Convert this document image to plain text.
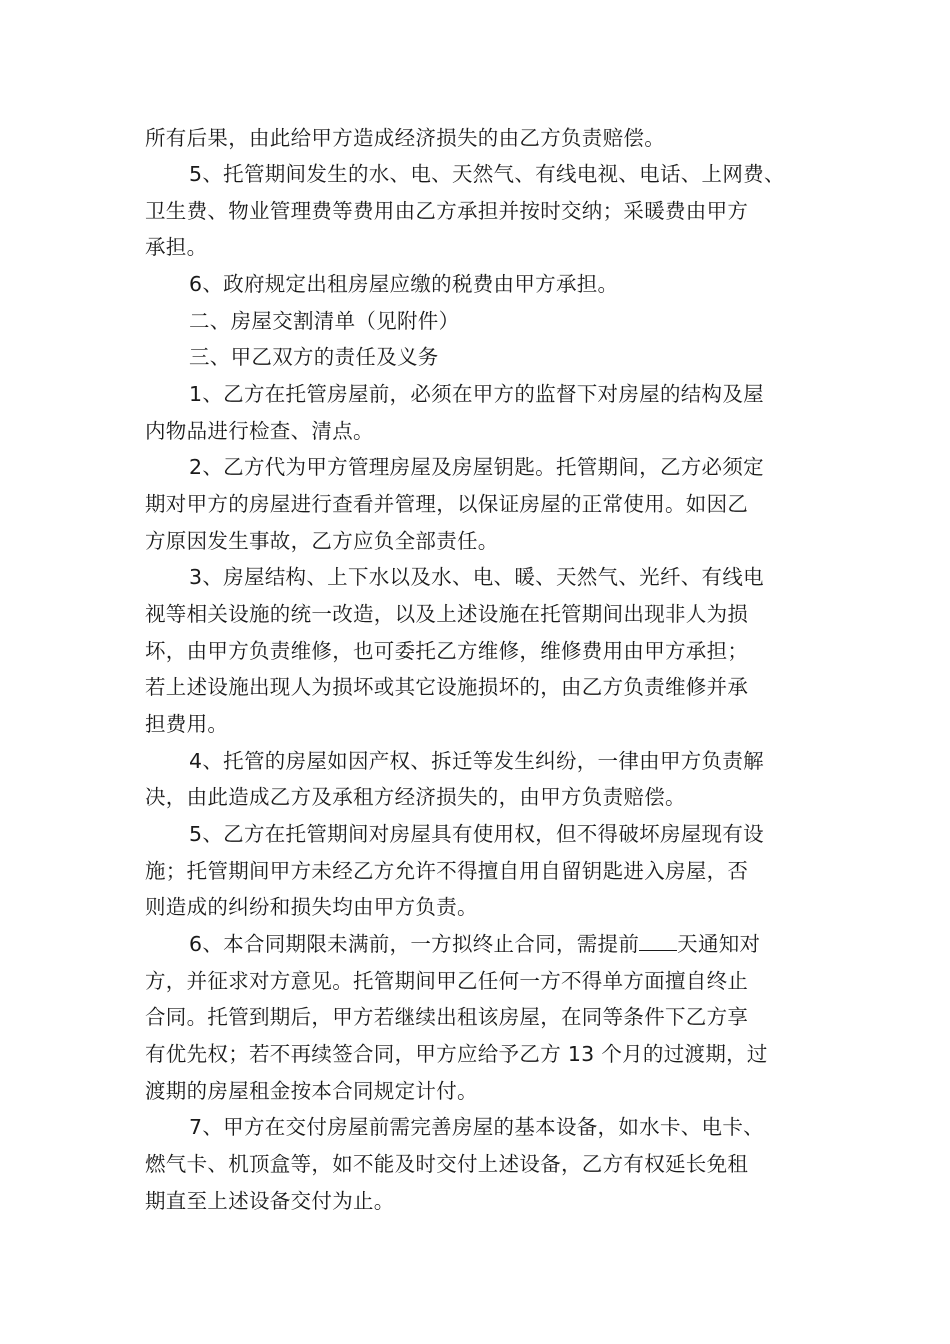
所有后果，由此给甲方造成经济损失的由乙方负责赔偿。
5、托管期间发生的水、电、天然气、有线电视、电话、上网费、
卫生费、物业管理费等费用由乙方承担并按时交纳；采暖费由甲方
承担。
6、政府规定出租房屋应缴的税费由甲方承担。
二、房屋交割清单（见附件）
三、甲乙双方的责任及义务
1、乙方在托管房屋前，必须在甲方的监督下对房屋的结构及屋
内物品进行检查、清点。
2、乙方代为甲方管理房屋及房屋钥匙。托管期间，乙方必须定
期对甲方的房屋进行查看并管理，以保证房屋的正常使用。如因乙
方原因发生事故，乙方应负全部责任。
3、房屋结构、上下水以及水、电、暖、天然气、光纤、有线电
视等相关设施的统一改造，以及上述设施在托管期间出现非人为损
坏，由甲方负责维修，也可委托乙方维修，维修费用由甲方承担；
若上述设施出现人为损坏或其它设施损坏的，由乙方负责维修并承
担费用。
4、托管的房屋如因产权、拆迁等发生纠纷，一律由甲方负责解
决，由此造成乙方及承租方经济损失的，由甲方负责赔偿。
5、乙方在托管期间对房屋具有使用权，但不得破坏房屋现有设
施；托管期间甲方未经乙方允许不得擅自用自留钥匙进入房屋，否
则造成的纠纷和损失均由甲方负责。
6、本合同期限未满前，一方拟终止合同，需提前 天通知对
方，并征求对方意见。托管期间甲乙任何一方不得单方面擅自终止
合同。托管到期后，甲方若继续出租该房屋，在同等条件下乙方享
有优先权；若不再续签合同，甲方应给予乙方 13 个月的过渡期，过
渡期的房屋租金按本合同规定计付。
7、甲方在交付房屋前需完善房屋的基本设备，如水卡、电卡、
燃气卡、机顶盒等，如不能及时交付上述设备，乙方有权延长免租
期直至上述设备交付为止。
